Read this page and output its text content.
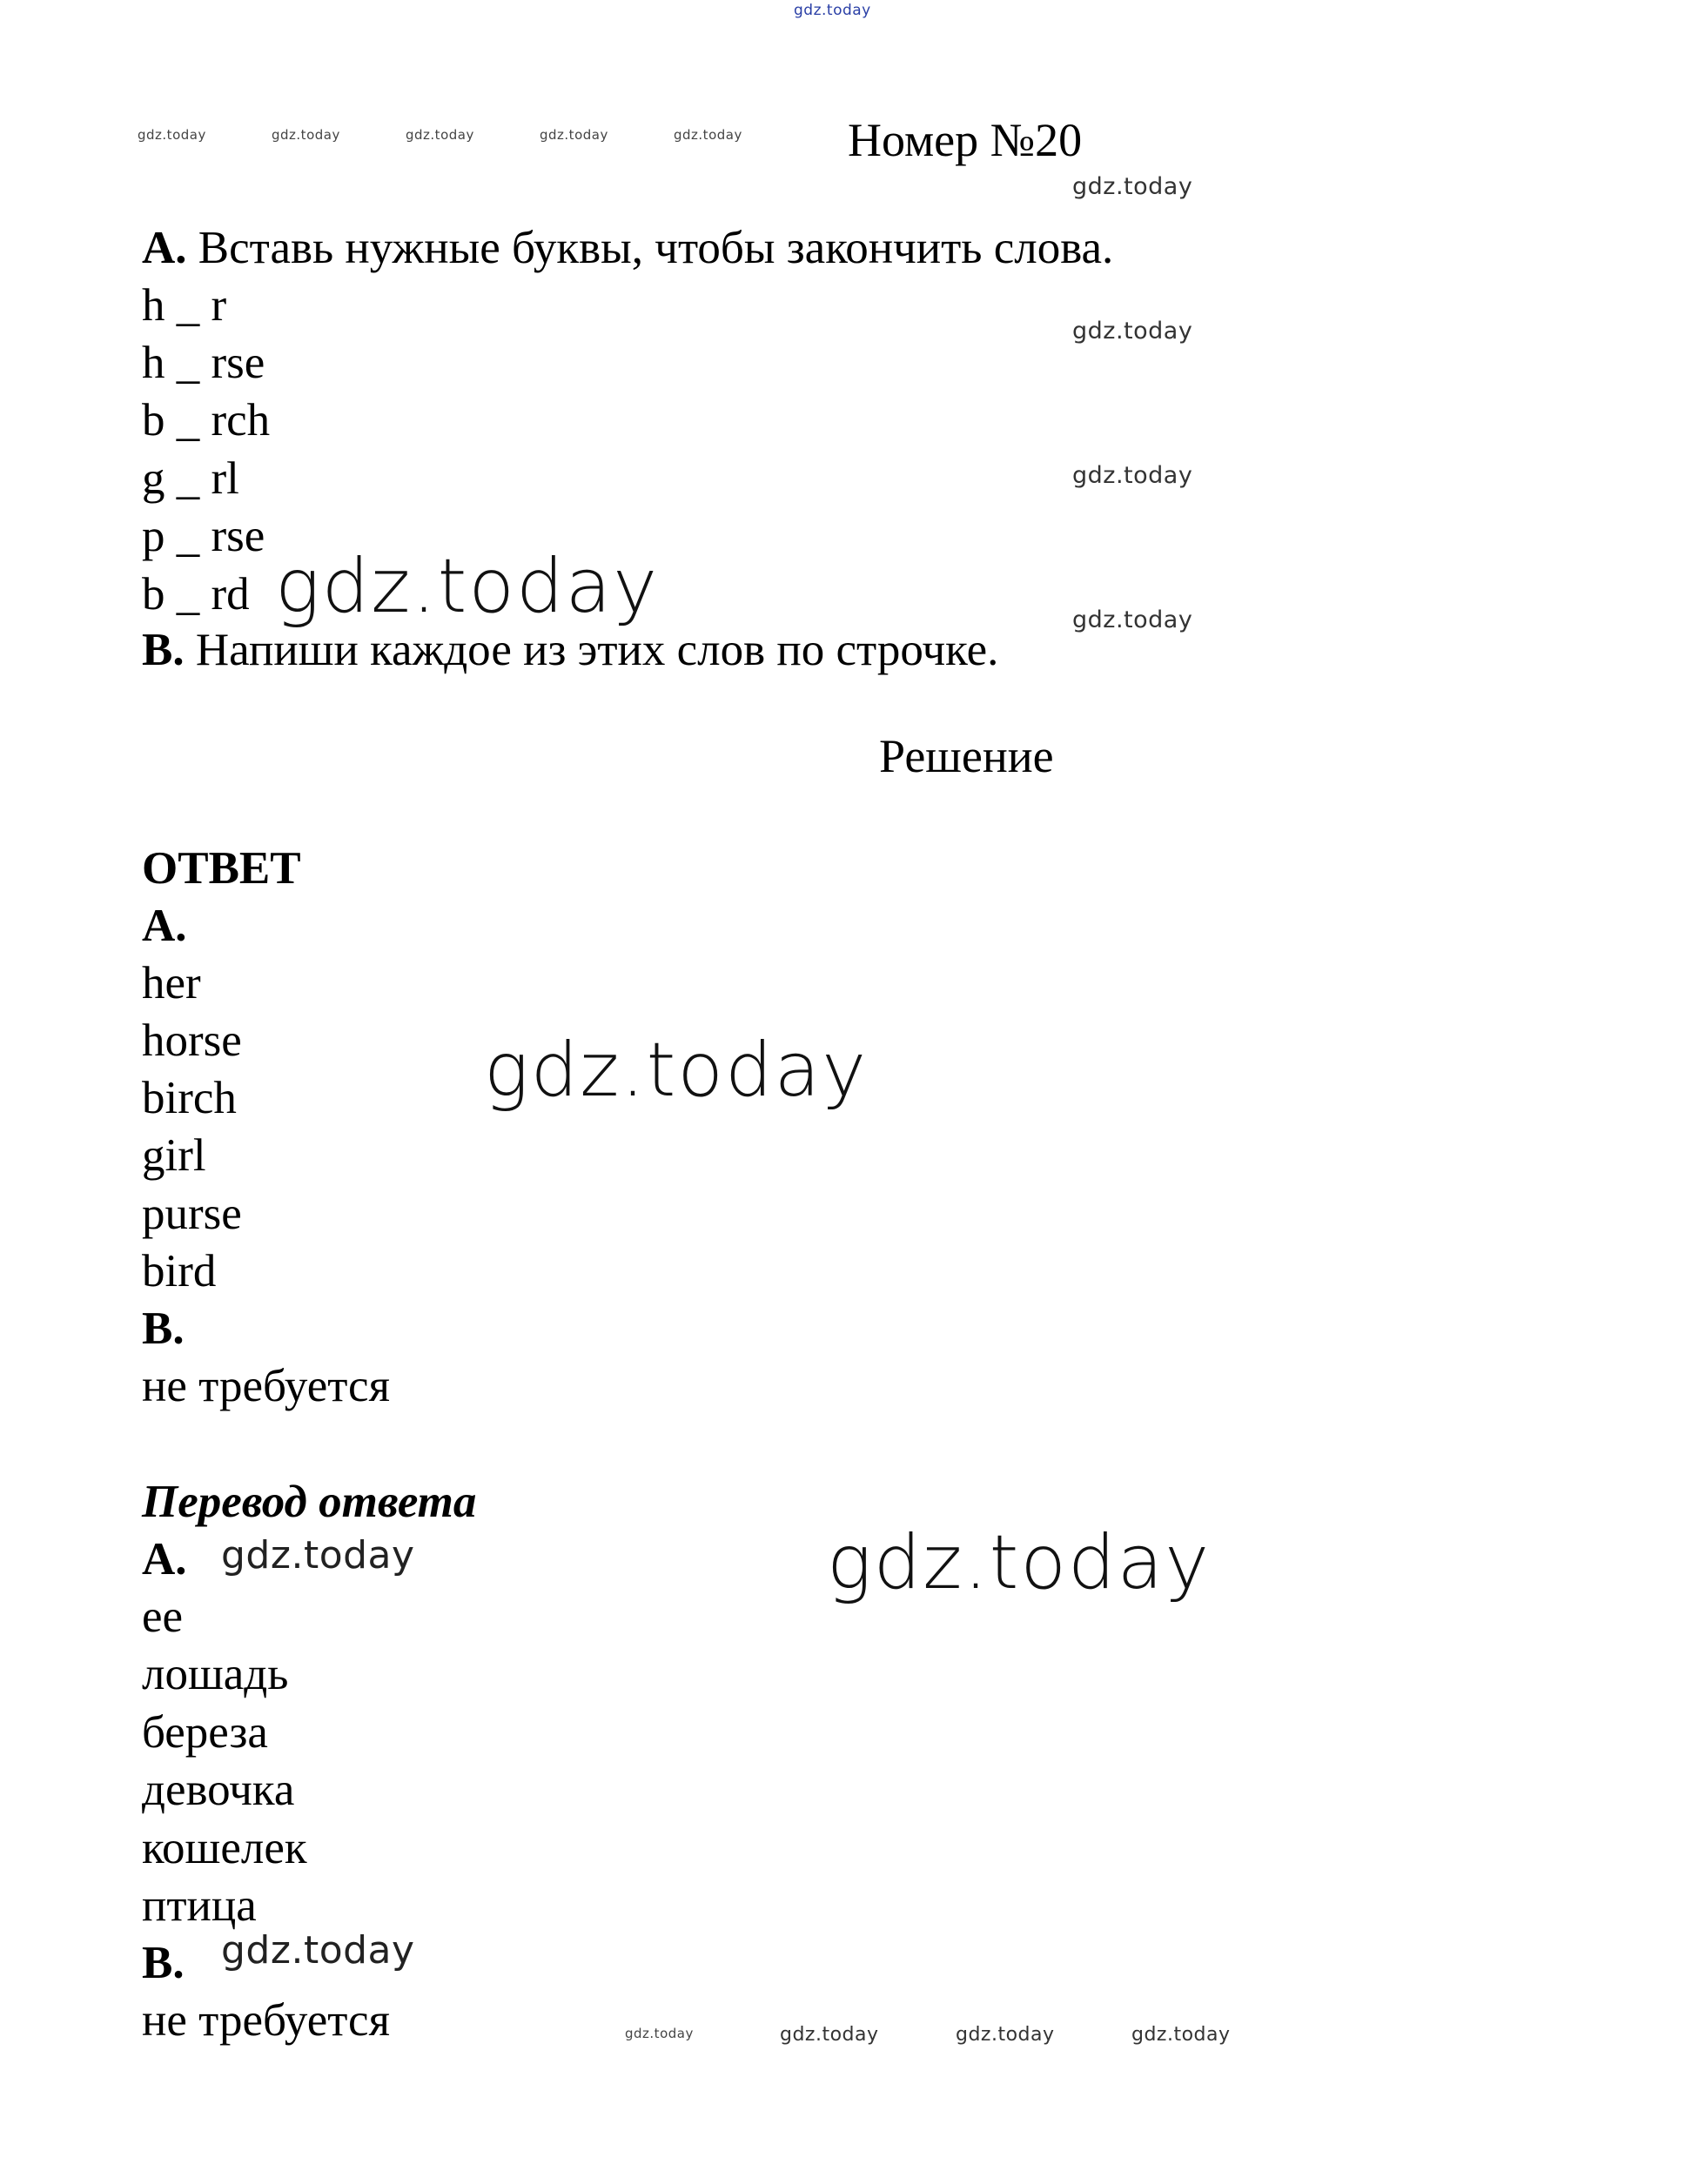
gdz.today
gdz.today	gdz.today	gdz.today	gdz.today	gdz.today Номер №20
gdz.today
gdz.today
gdz.today
gdz.today
А. Вставь нужные буквы, чтобы закончить слова.
h _ r
h _ rse
b _ rch
g _ rl
p _ rse
b _ rd gdz.today
В. Напиши каждое из этих слов по строчке.
Решение
ОТВЕТ
А.
her
horse
birch
girl
purse
bird
В.
не требуется
gdz.today
Перевод ответа
А. gdz.today	gdz.today
ее
лошадь
береза
девочка
кошелек
птица
В. gdz.today
не требуется	gdz.today	gdz.today	gdz.today	gdz.today
